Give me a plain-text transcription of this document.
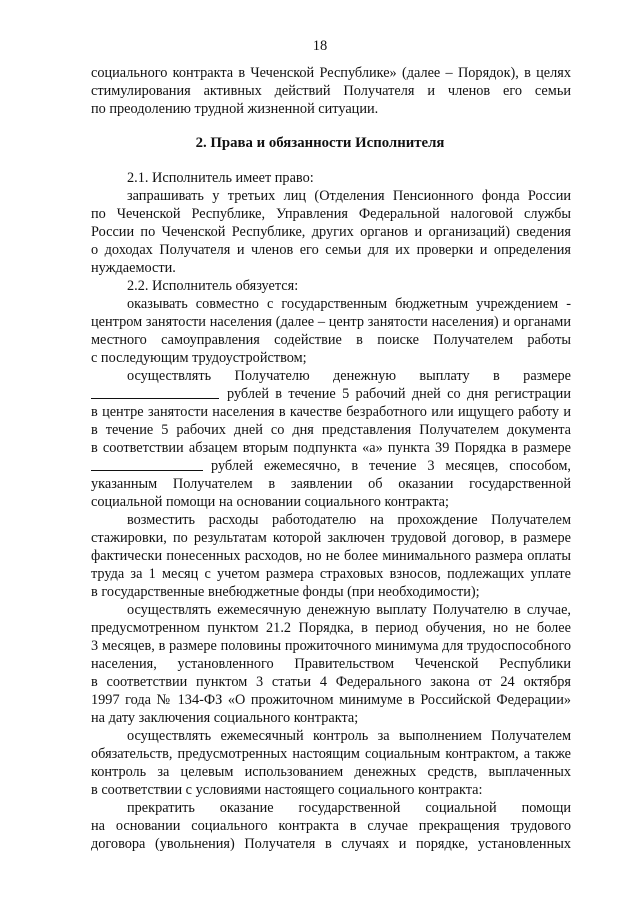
18
социального контракта в Чеченской Республике» (далее – Порядок), в целях
стимулирования активных действий Получателя и членов его семьи
по преодолению трудной жизненной ситуации.
2. Права и обязанности Исполнителя
2.1. Исполнитель имеет право:
запрашивать у третьих лиц (Отделения Пенсионного фонда России
по Чеченской Республике, Управления Федеральной налоговой службы
России по Чеченской Республике, других органов и организаций) сведения
о доходах Получателя и членов его семьи для их проверки и определения
нуждаемости.
2.2. Исполнитель обязуется:
оказывать совместно с государственным бюджетным учреждением -
центром занятости населения (далее – центр занятости населения) и органами
местного самоуправления содействие в поиске Получателем работы
с последующим трудоустройством;
осуществлять Получателю денежную выплату в размере
рублей в течение 5 рабочий дней со дня регистрации
в центре занятости населения в качестве безработного или ищущего работу и
в течение 5 рабочих дней со дня представления Получателем документа
в соответствии абзацем вторым подпункта «а» пункта 39 Порядка в размере
рублей ежемесячно, в течение 3 месяцев, способом,
указанным Получателем в заявлении об оказании государственной
социальной помощи на основании социального контракта;
возместить расходы работодателю на прохождение Получателем
стажировки, по результатам которой заключен трудовой договор, в размере
фактически понесенных расходов, но не более минимального размера оплаты
труда за 1 месяц с учетом размера страховых взносов, подлежащих уплате
в государственные внебюджетные фонды (при необходимости);
осуществлять ежемесячную денежную выплату Получателю в случае,
предусмотренном пунктом 21.2 Порядка, в период обучения, но не более
3 месяцев, в размере половины прожиточного минимума для трудоспособного
населения, установленного Правительством Чеченской Республики
в соответствии пунктом 3 статьи 4 Федерального закона от 24 октября
1997 года № 134-ФЗ «О прожиточном минимуме в Российской Федерации»
на дату заключения социального контракта;
осуществлять ежемесячный контроль за выполнением Получателем
обязательств, предусмотренных настоящим социальным контрактом, а также
контроль за целевым использованием денежных средств, выплаченных
в соответствии с условиями настоящего социального контракта:
прекратить оказание государственной социальной помощи
на основании социального контракта в случае прекращения трудового
договора (увольнения) Получателя в случаях и порядке, установленных
